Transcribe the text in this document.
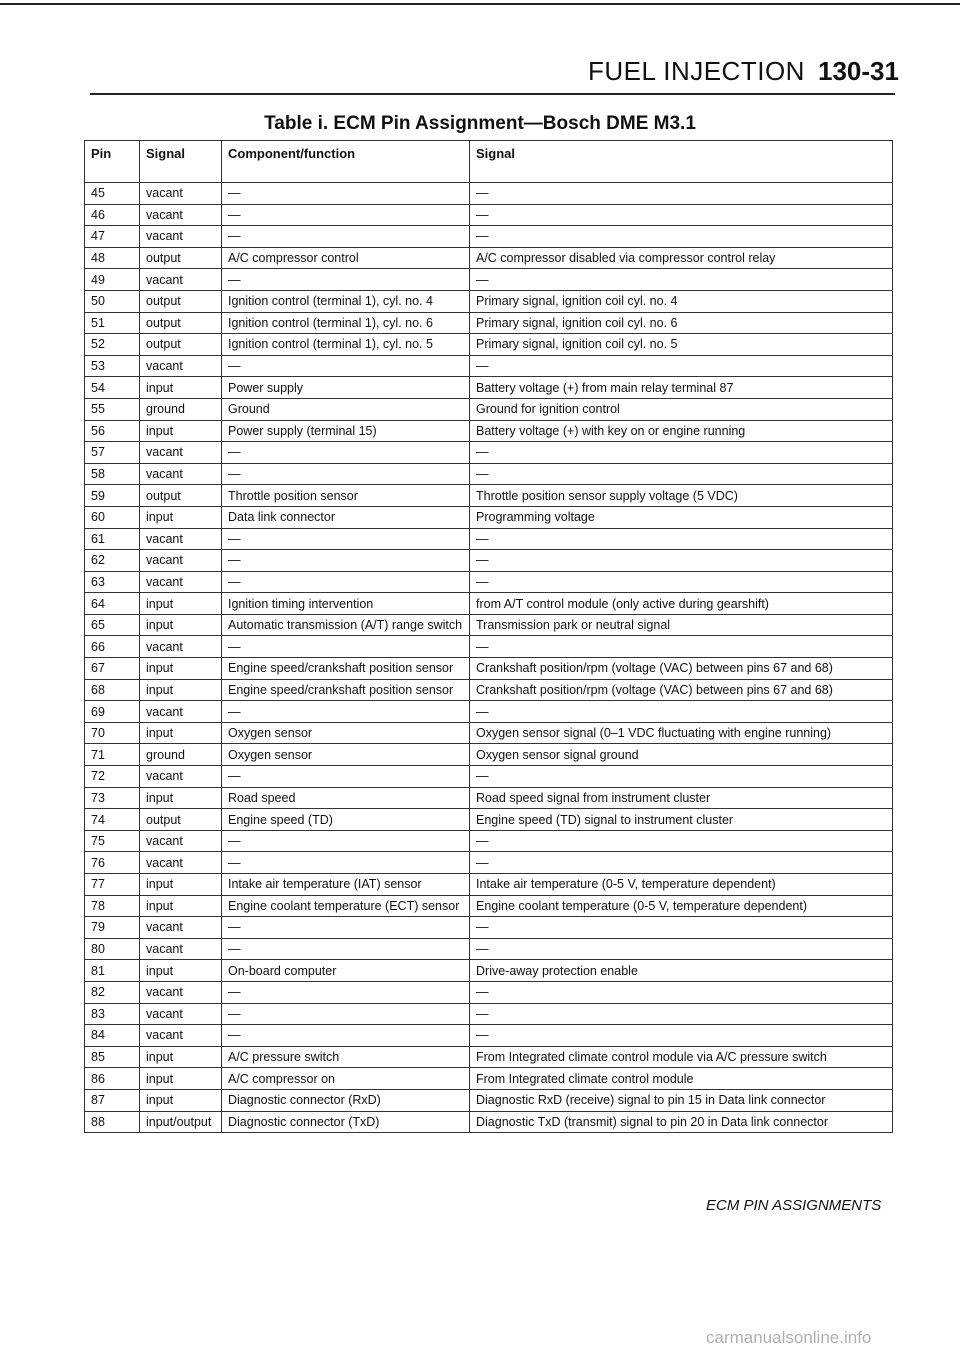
FUEL INJECTION 130-31
Table i. ECM Pin Assignment—Bosch DME M3.1
Pin	Signal	Component/function	Signal
45	vacant	—	—
46	vacant	—	—
47	vacant	—	—
48	output	A/C compressor control	A/C compressor disabled via compressor control relay
49	vacant	—	—
50	output	Ignition control (terminal 1), cyl. no. 4	Primary signal, ignition coil cyl. no. 4
51	output	Ignition control (terminal 1), cyl. no. 6	Primary signal, ignition coil cyl. no. 6
52	output	Ignition control (terminal 1), cyl. no. 5	Primary signal, ignition coil cyl. no. 5
53	vacant	—	—
54	input	Power supply	Battery voltage (+) from main relay terminal 87
55	ground	Ground	Ground for ignition control
56	input	Power supply (terminal 15)	Battery voltage (+) with key on or engine running
57	vacant	—	—
58	vacant	—	—
59	output	Throttle position sensor	Throttle position sensor supply voltage (5 VDC)
60	input	Data link connector	Programming voltage
61	vacant	—	—
62	vacant	—	—
63	vacant	—	—
64	input	Ignition timing intervention	from A/T control module (only active during gearshift)
65	input	Automatic transmission (A/T) range switch	Transmission park or neutral signal
66	vacant	—	—
67	input	Engine speed/crankshaft position sensor	Crankshaft position/rpm (voltage (VAC) between pins 67 and 68)
68	input	Engine speed/crankshaft position sensor	Crankshaft position/rpm (voltage (VAC) between pins 67 and 68)
69	vacant	—	—
70	input	Oxygen sensor	Oxygen sensor signal (0–1 VDC fluctuating with engine running)
71	ground	Oxygen sensor	Oxygen sensor signal ground
72	vacant	—	—
73	input	Road speed	Road speed signal from instrument cluster
74	output	Engine speed (TD)	Engine speed (TD) signal to instrument cluster
75	vacant	—	—
76	vacant	—	—
77	input	Intake air temperature (IAT) sensor	Intake air temperature (0-5 V, temperature dependent)
78	input	Engine coolant temperature (ECT) sensor	Engine coolant temperature (0-5 V, temperature dependent)
79	vacant	—	—
80	vacant	—	—
81	input	On-board computer	Drive-away protection enable
82	vacant	—	—
83	vacant	—	—
84	vacant	—	—
85	input	A/C pressure switch	From Integrated climate control module via A/C pressure switch
86	input	A/C compressor on	From Integrated climate control module
87	input	Diagnostic connector (RxD)	Diagnostic RxD (receive) signal to pin 15 in Data link connector
88	input/output	Diagnostic connector (TxD)	Diagnostic TxD (transmit) signal to pin 20 in Data link connector
ECM PIN ASSIGNMENTS
carmanualsonline.info
